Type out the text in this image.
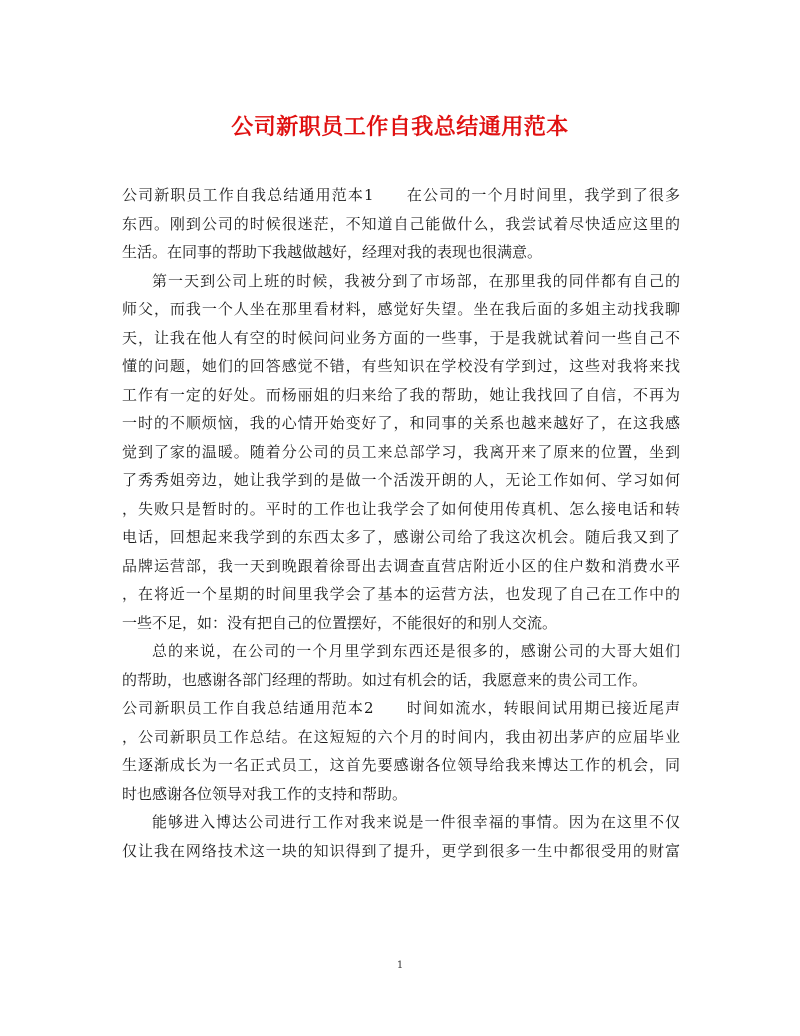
公司新职员工作自我总结通用范本
公司新职员工作自我总结通用范本1　　在公司的一个月时间里，我学到了很多
东西。刚到公司的时候很迷茫，不知道自己能做什么，我尝试着尽快适应这里的
生活。在同事的帮助下我越做越好，经理对我的表现也很满意。
第一天到公司上班的时候，我被分到了市场部，在那里我的同伴都有自己的
师父，而我一个人坐在那里看材料，感觉好失望。坐在我后面的多姐主动找我聊
天，让我在他人有空的时候问问业务方面的一些事，于是我就试着问一些自己不
懂的问题，她们的回答感觉不错，有些知识在学校没有学到过，这些对我将来找
工作有一定的好处。而杨丽姐的归来给了我的帮助，她让我找回了自信，不再为
一时的不顺烦恼，我的心情开始变好了，和同事的关系也越来越好了，在这我感
觉到了家的温暖。随着分公司的员工来总部学习，我离开来了原来的位置，坐到
了秀秀姐旁边，她让我学到的是做一个活泼开朗的人，无论工作如何、学习如何
，失败只是暂时的。平时的工作也让我学会了如何使用传真机、怎么接电话和转
电话，回想起来我学到的东西太多了，感谢公司给了我这次机会。随后我又到了
品牌运营部，我一天到晚跟着徐哥出去调查直营店附近小区的住户数和消费水平
，在将近一个星期的时间里我学会了基本的运营方法，也发现了自己在工作中的
一些不足，如：没有把自己的位置摆好，不能很好的和别人交流。
总的来说，在公司的一个月里学到东西还是很多的，感谢公司的大哥大姐们
的帮助，也感谢各部门经理的帮助。如过有机会的话，我愿意来的贵公司工作。
公司新职员工作自我总结通用范本2　　时间如流水，转眼间试用期已接近尾声
，公司新职员工作总结。在这短短的六个月的时间内，我由初出茅庐的应届毕业
生逐渐成长为一名正式员工，这首先要感谢各位领导给我来博达工作的机会，同
时也感谢各位领导对我工作的支持和帮助。
能够进入博达公司进行工作对我来说是一件很幸福的事情。因为在这里不仅
仅让我在网络技术这一块的知识得到了提升，更学到很多一生中都很受用的财富
1
